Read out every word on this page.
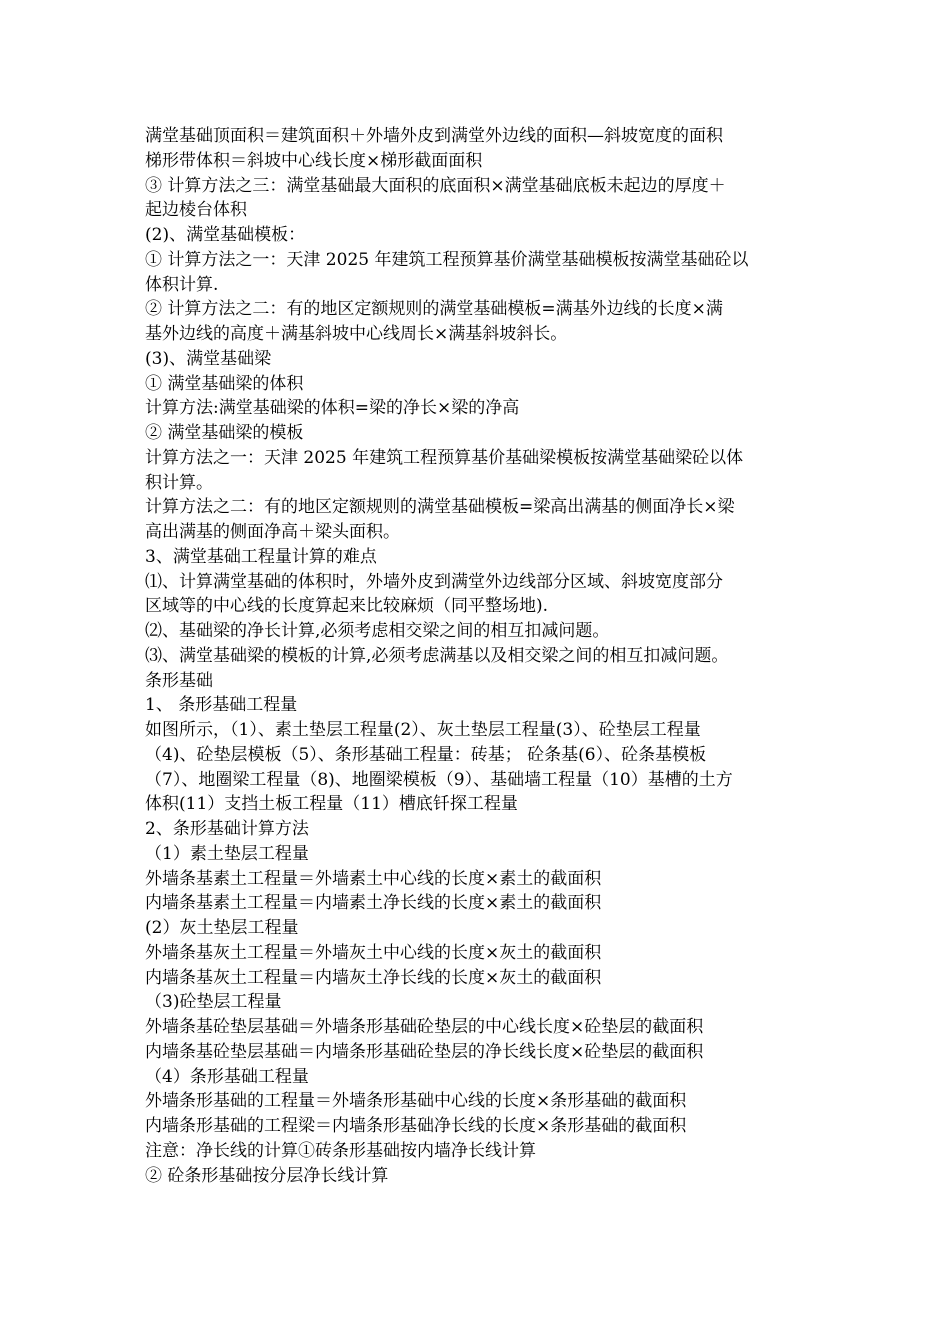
满堂基础顶面积＝建筑面积＋外墙外皮到满堂外边线的面积—斜坡宽度的面积
梯形带体积＝斜坡中心线长度×梯形截面面积
③ 计算方法之三：满堂基础最大面积的底面积×满堂基础底板未起边的厚度＋
起边棱台体积
(2)、满堂基础模板：
① 计算方法之一：天津 2025 年建筑工程预算基价满堂基础模板按满堂基础砼以
体积计算.
② 计算方法之二：有的地区定额规则的满堂基础模板=满基外边线的长度×满
基外边线的高度＋满基斜坡中心线周长×满基斜坡斜长。
(3)、满堂基础梁
① 满堂基础梁的体积
计算方法:满堂基础梁的体积=梁的净长×梁的净高
② 满堂基础梁的模板
计算方法之一：天津 2025 年建筑工程预算基价基础梁模板按满堂基础梁砼以体
积计算。
计算方法之二：有的地区定额规则的满堂基础模板=梁高出满基的侧面净长×梁
高出满基的侧面净高＋梁头面积。
3、满堂基础工程量计算的难点
⑴、计算满堂基础的体积时，外墙外皮到满堂外边线部分区域、斜坡宽度部分
区域等的中心线的长度算起来比较麻烦（同平整场地).
⑵、基础梁的净长计算,必须考虑相交梁之间的相互扣减问题。
⑶、满堂基础梁的模板的计算,必须考虑满基以及相交梁之间的相互扣减问题。
条形基础
1、 条形基础工程量
如图所示，（1）、素土垫层工程量(2）、灰土垫层工程量(3）、砼垫层工程量
（4)、砼垫层模板（5）、条形基础工程量：砖基； 砼条基(6）、砼条基模板
（7）、地圈梁工程量（8)、地圈梁模板（9）、基础墙工程量（10）基槽的土方
体积(11）支挡土板工程量（11）槽底钎探工程量
2、条形基础计算方法
（1）素土垫层工程量
外墙条基素土工程量＝外墙素土中心线的长度×素土的截面积
内墙条基素土工程量＝内墙素土净长线的长度×素土的截面积
(2）灰土垫层工程量
外墙条基灰土工程量＝外墙灰土中心线的长度×灰土的截面积
内墙条基灰土工程量＝内墙灰土净长线的长度×灰土的截面积
（3)砼垫层工程量
外墙条基砼垫层基础＝外墙条形基础砼垫层的中心线长度×砼垫层的截面积
内墙条基砼垫层基础＝内墙条形基础砼垫层的净长线长度×砼垫层的截面积
（4）条形基础工程量
外墙条形基础的工程量＝外墙条形基础中心线的长度×条形基础的截面积
内墙条形基础的工程梁＝内墙条形基础净长线的长度×条形基础的截面积
注意：净长线的计算①砖条形基础按内墙净长线计算
② 砼条形基础按分层净长线计算
